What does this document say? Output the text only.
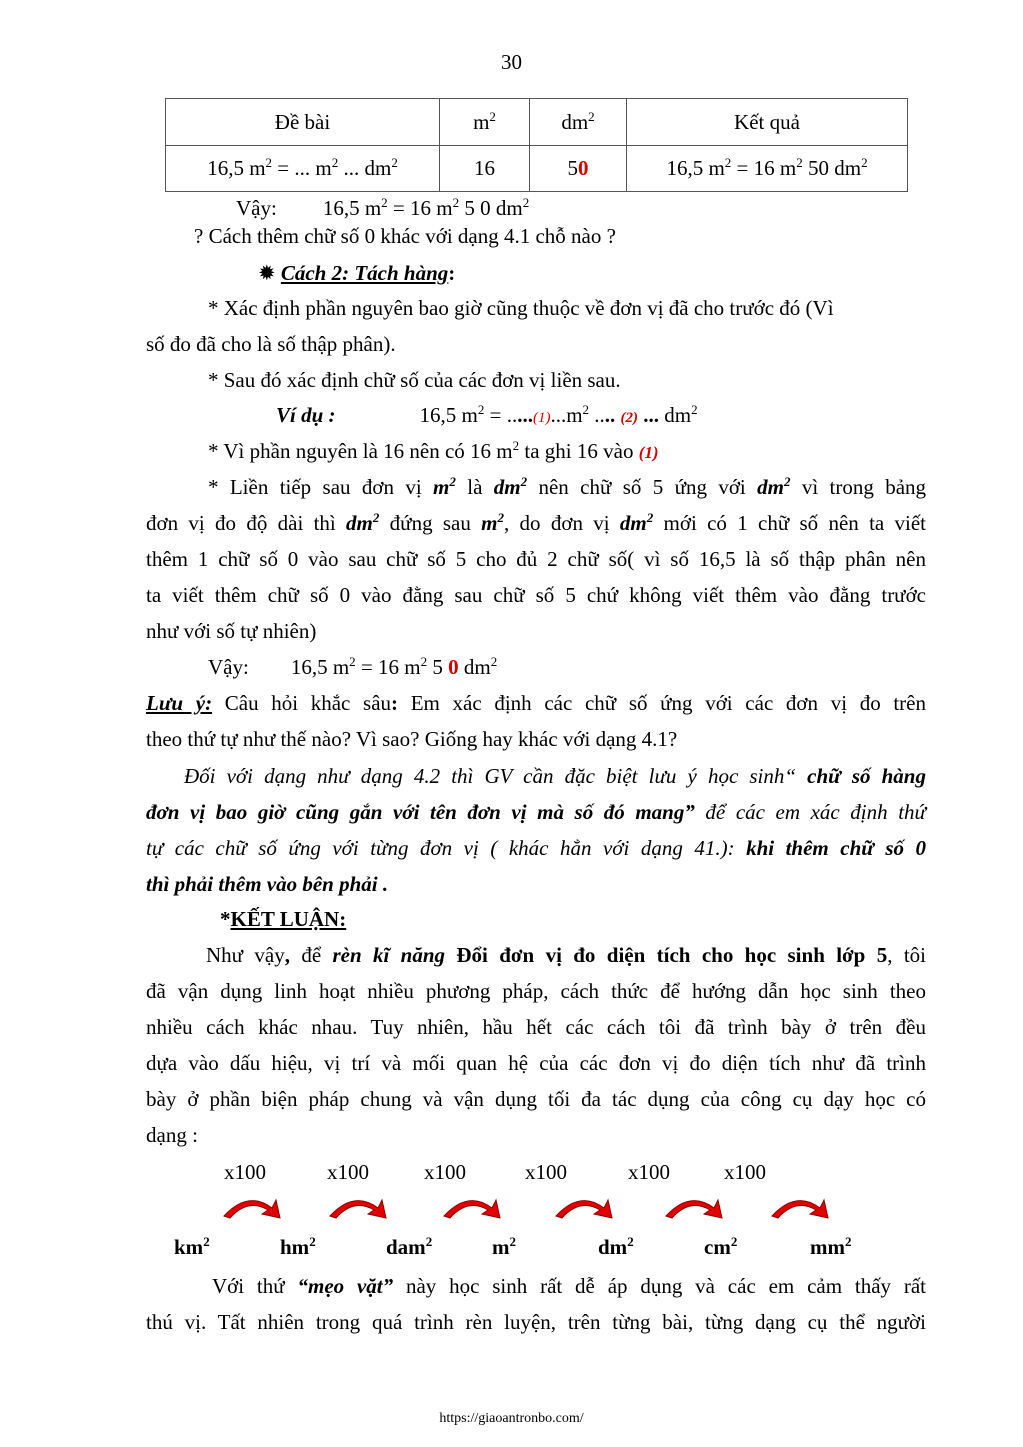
30
Đề bài	$m^2$	$dm^2$	Kết quả
16,5 $m^2$ = ... $m^2$ ... $dm^2$	16	50	16,5 $m^2 = 16$ $m^2$ 50 $dm^2$
Vậy: 16,5 $m^2 = 16$ $m^2$ 5 0 $dm^2$
? Cách thêm chữ số 0 khác với dạng 4.1 chỗ nào ?
✹ Cách 2: Tách hàng:
* Xác định phần nguyên bao giờ cũng thuộc về đơn vị đã cho trước đó (Vì
số đo đã cho là số thập phân).
* Sau đó xác định chữ số của các đơn vị liền sau.
Ví dụ :	16,5 $m^2 = .....(1)...m^2$ .... (2) ... $dm^2$
* Vì phần nguyên là 16 nên có 16 $m^2$ ta ghi 16 vào (1)
* Liền tiếp sau đơn vị $m^2$ là $dm^2$ nên chữ số 5 ứng với $dm^2$ vì trong bảng
đơn vị đo độ dài thì $dm^2$ đứng sau $m^2$, do đơn vị $dm^2$ mới có 1 chữ số nên ta viết
thêm 1 chữ số 0 vào sau chữ số 5 cho đủ 2 chữ số( vì số 16,5 là số thập phân nên
ta viết thêm chữ số 0 vào đằng sau chữ số 5 chứ không viết thêm vào đằng trước
như với số tự nhiên)
Vậy: 16,5 $m^2 = 16$ $m^2$ 5 0 $dm^2$
Lưu ý: Câu hỏi khắc sâu: Em xác định các chữ số ứng với các đơn vị đo trên
theo thứ tự như thế nào? Vì sao? Giống hay khác với dạng 4.1?
Đối với dạng như dạng 4.2 thì GV cần đặc biệt lưu ý học sinh“ chữ số hàng
đơn vị bao giờ cũng gắn với tên đơn vị mà số đó mang” để các em xác định thứ
tự các chữ số ứng với từng đơn vị ( khác hẳn với dạng 41.): khi thêm chữ số 0
thì phải thêm vào bên phải .
*KẾT LUẬN:
Như vậy, để rèn kĩ năng Đổi đơn vị đo diện tích cho học sinh lớp 5, tôi
đã vận dụng linh hoạt nhiều phương pháp, cách thức để hướng dẫn học sinh theo
nhiều cách khác nhau. Tuy nhiên, hầu hết các cách tôi đã trình bày ở trên đều
dựa vào dấu hiệu, vị trí và mối quan hệ của các đơn vị đo diện tích như đã trình
bày ở phần biện pháp chung và vận dụng tối đa tác dụng của công cụ dạy học có
dạng :
x100	x100	x100	x100	x100	x100
$km^2$	$hm^2$	dam$^2$	$m^2$	$dm^2$	$cm^2$	$mm^2$
Với thứ “mẹo vặt” này học sinh rất dễ áp dụng và các em cảm thấy rất
thú vị. Tất nhiên trong quá trình rèn luyện, trên từng bài, từng dạng cụ thể người
https://giaoantronbo.com/
